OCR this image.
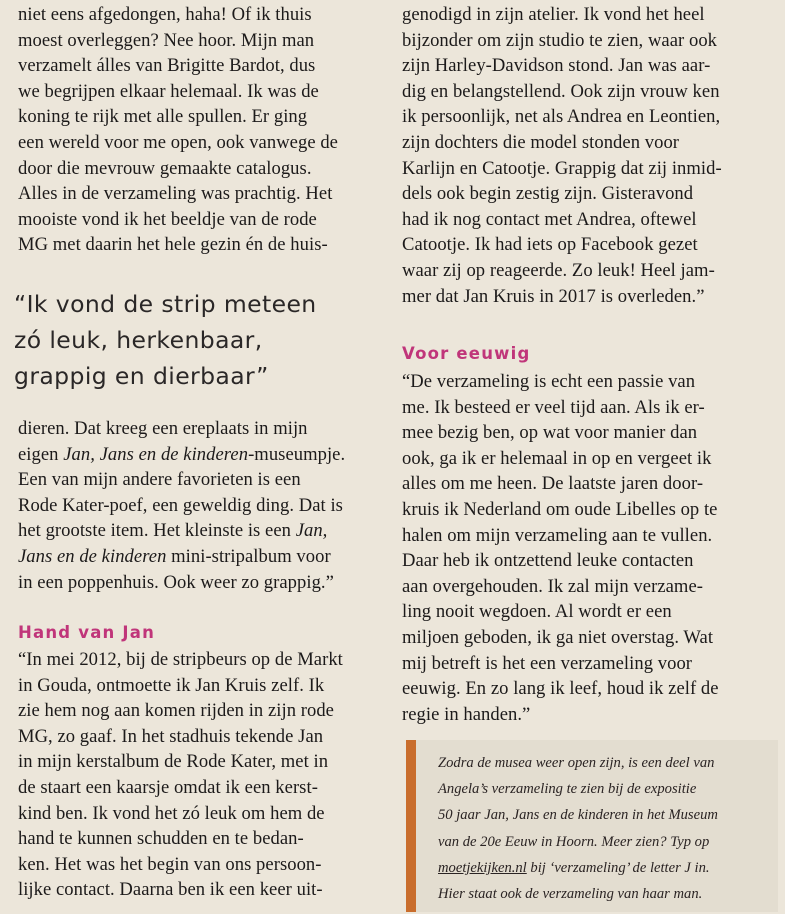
niet eens afgedongen, haha! Of ik thuis
moest overleggen? Nee hoor. Mijn man
verzamelt álles van Brigitte Bardot, dus
we begrijpen elkaar helemaal. Ik was de
koning te rijk met alle spullen. Er ging
een wereld voor me open, ook vanwege de
door die mevrouw gemaakte catalogus.
Alles in de verzameling was prachtig. Het
mooiste vond ik het beeldje van de rode
MG met daarin het hele gezin én de huis-

“Ik vond de strip meteen
zó leuk, herkenbaar,
grappig en dierbaar”

dieren. Dat kreeg een ereplaats in mijn
eigen Jan, Jans en de kinderen-museumpje.
Een van mijn andere favorieten is een
Rode Kater-poef, een geweldig ding. Dat is
het grootste item. Het kleinste is een Jan,
Jans en de kinderen mini-stripalbum voor
in een poppenhuis. Ook weer zo grappig.”

Hand van Jan

“In mei 2012, bij de stripbeurs op de Markt
in Gouda, ontmoette ik Jan Kruis zelf. Ik
zie hem nog aan komen rijden in zijn rode
MG, zo gaaf. In het stadhuis tekende Jan
in mijn kerstalbum de Rode Kater, met in
de staart een kaarsje omdat ik een kerst-
kind ben. Ik vond het zó leuk om hem de
hand te kunnen schudden en te bedan-
ken. Het was het begin van ons persoon-
lijke contact. Daarna ben ik een keer uit-

genodigd in zijn atelier. Ik vond het heel
bijzonder om zijn studio te zien, waar ook
zijn Harley-Davidson stond. Jan was aar-
dig en belangstellend. Ook zijn vrouw ken
ik persoonlijk, net als Andrea en Leontien,
zijn dochters die model stonden voor
Karlijn en Catootje. Grappig dat zij inmid-
dels ook begin zestig zijn. Gisteravond
had ik nog contact met Andrea, oftewel
Catootje. Ik had iets op Facebook gezet
waar zij op reageerde. Zo leuk! Heel jam-
mer dat Jan Kruis in 2017 is overleden.”

Voor eeuwig

“De verzameling is echt een passie van
me. Ik besteed er veel tijd aan. Als ik er-
mee bezig ben, op wat voor manier dan
ook, ga ik er helemaal in op en vergeet ik
alles om me heen. De laatste jaren door-
kruis ik Nederland om oude Libelles op te
halen om mijn verzameling aan te vullen.
Daar heb ik ontzettend leuke contacten
aan overgehouden. Ik zal mijn verzame-
ling nooit wegdoen. Al wordt er een
miljoen geboden, ik ga niet overstag. Wat
mij betreft is het een verzameling voor
eeuwig. En zo lang ik leef, houd ik zelf de
regie in handen.”

Zodra de musea weer open zijn, is een deel van
Angela’s verzameling te zien bij de expositie
50 jaar Jan, Jans en de kinderen in het Museum
van de 20e Eeuw in Hoorn. Meer zien? Typ op
moetjekijken.nl bij ‘verzameling’ de letter J in.
Hier staat ook de verzameling van haar man.
